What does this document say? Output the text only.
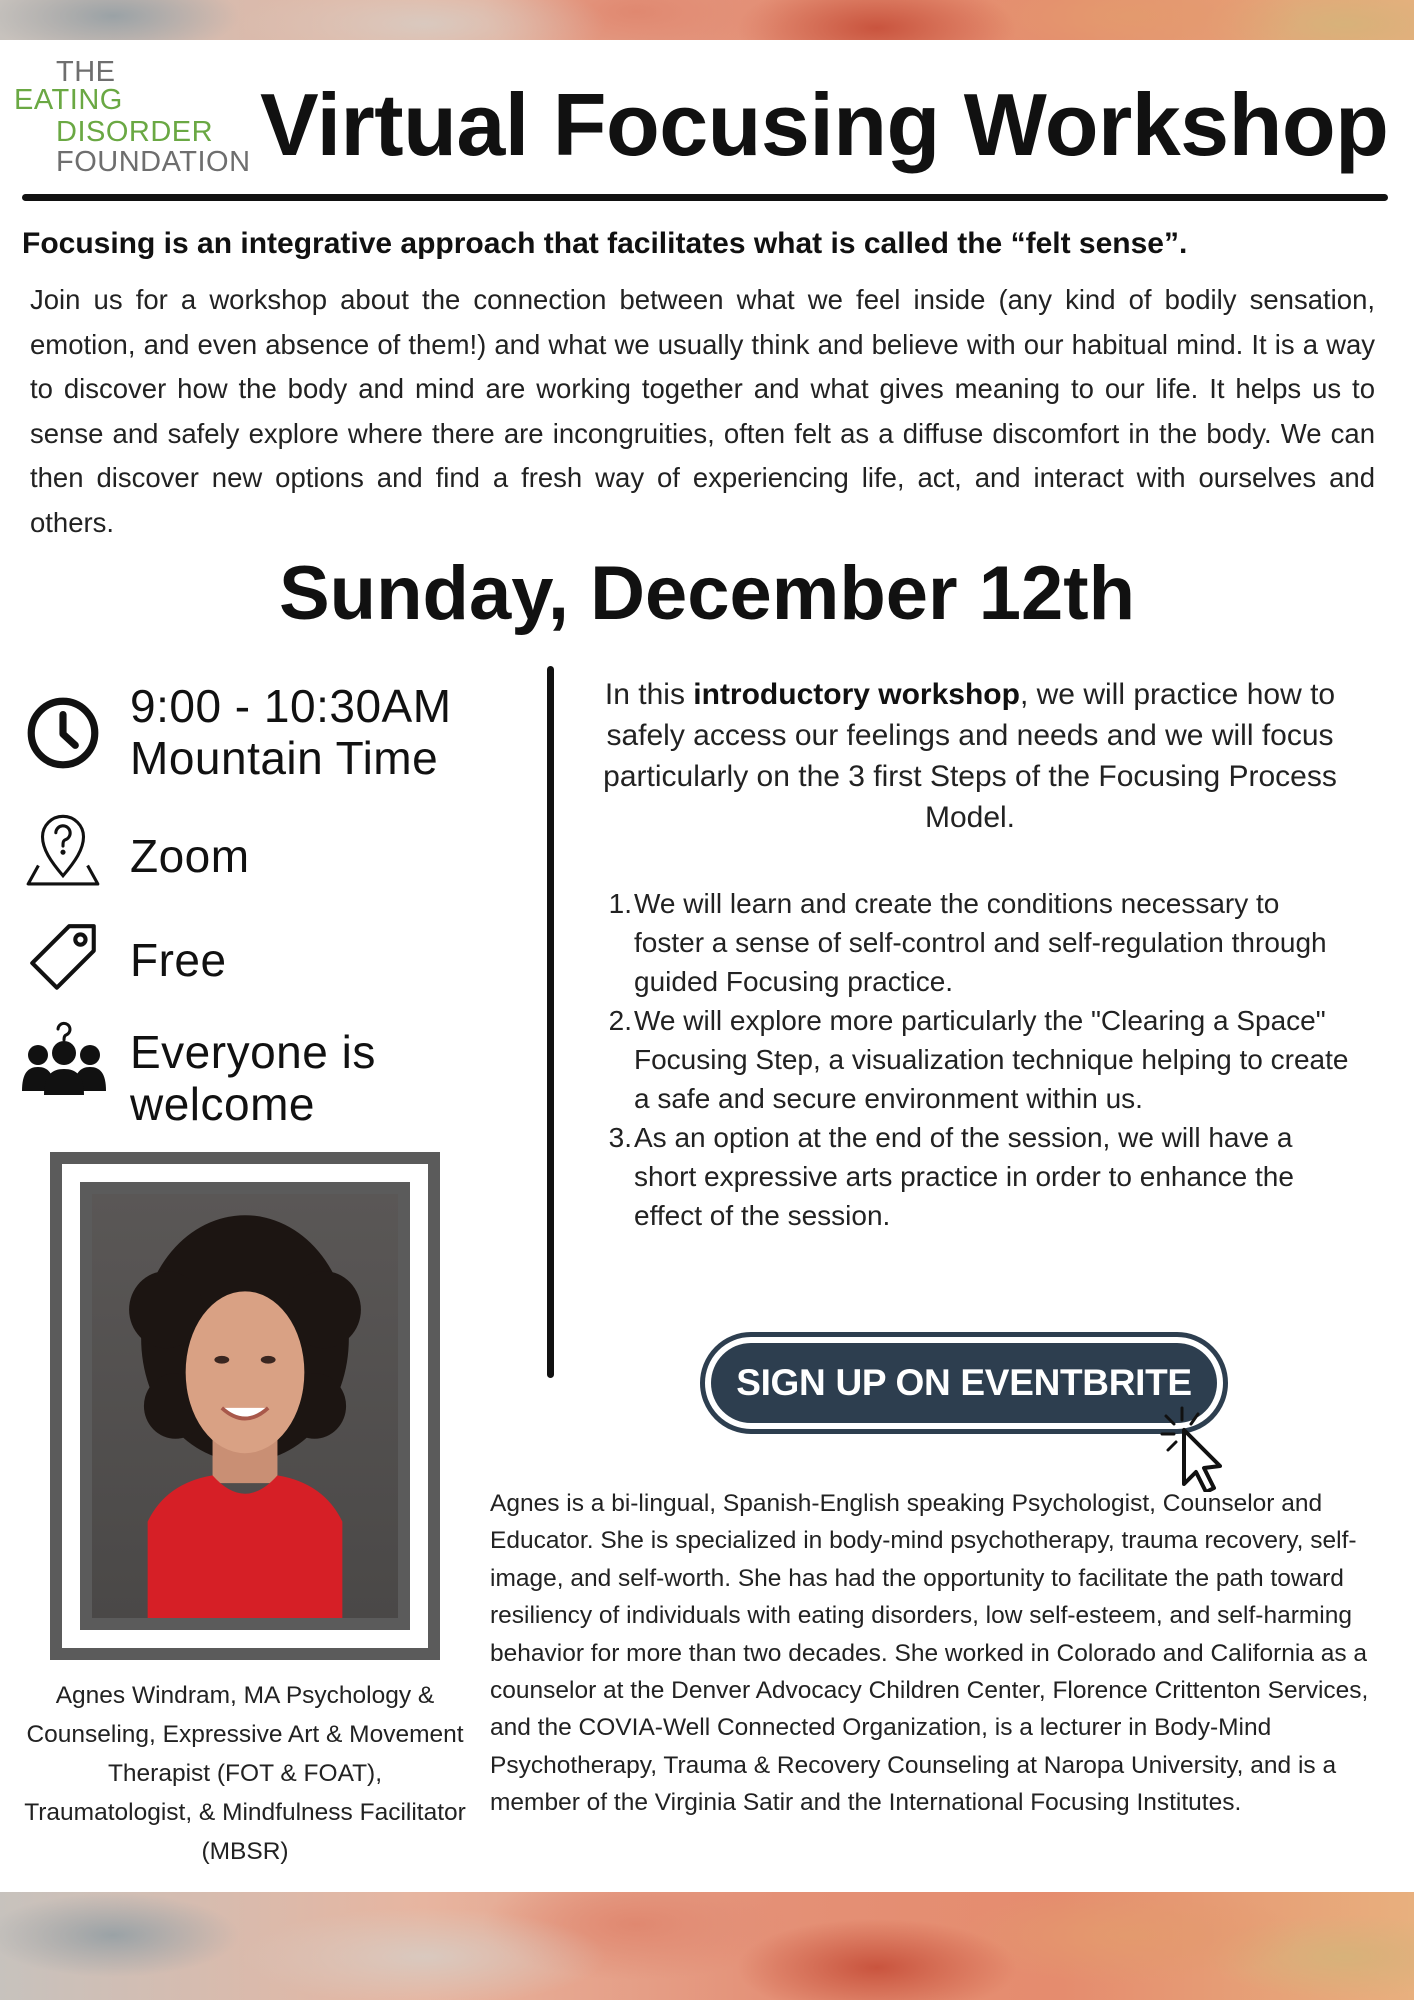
THE
EATING
DISORDER
FOUNDATION Virtual Focusing Workshop

Focusing is an integrative approach that facilitates what is called the “felt sense”.

Join us for a workshop about the connection between what we feel inside (any kind of bodily sensation, emotion, and even absence of them!) and what we usually think and believe with our habitual mind. It is a way to discover how the body and mind are working together and what gives meaning to our life. It helps us to sense and safely explore where there are incongruities, often felt as a diffuse discomfort in the body. We can then discover new options and find a fresh way of experiencing life, act, and interact with ourselves and others.

Sunday, December 12th
9:00 - 10:30AM
Mountain Time
Zoom
Free
Everyone is
welcome

Agnes Windram, MA Psychology & Counseling, Expressive Art & Movement Therapist (FOT & FOAT), Traumatologist, & Mindfulness Facilitator (MBSR)

In this introductory workshop, we will practice how to safely access our feelings and needs and we will focus particularly on the 3 first Steps of the Focusing Process Model.

1. We will learn and create the conditions necessary to foster a sense of self-control and self-regulation through guided Focusing practice.
2. We will explore more particularly the "Clearing a Space" Focusing Step, a visualization technique helping to create a safe and secure environment within us.
3. As an option at the end of the session, we will have a short expressive arts practice in order to enhance the effect of the session.
SIGN UP ON EVENTBRITE

Agnes is a bi-lingual, Spanish-English speaking Psychologist, Counselor and Educator. She is specialized in body-mind psychotherapy, trauma recovery, self-image, and self-worth. She has had the opportunity to facilitate the path toward resiliency of individuals with eating disorders, low self-esteem, and self-harming behavior for more than two decades. She worked in Colorado and California as a counselor at the Denver Advocacy Children Center, Florence Crittenton Services, and the COVIA-Well Connected Organization, is a lecturer in Body-Mind Psychotherapy, Trauma & Recovery Counseling at Naropa University, and is a member of the Virginia Satir and the International Focusing Institutes.
